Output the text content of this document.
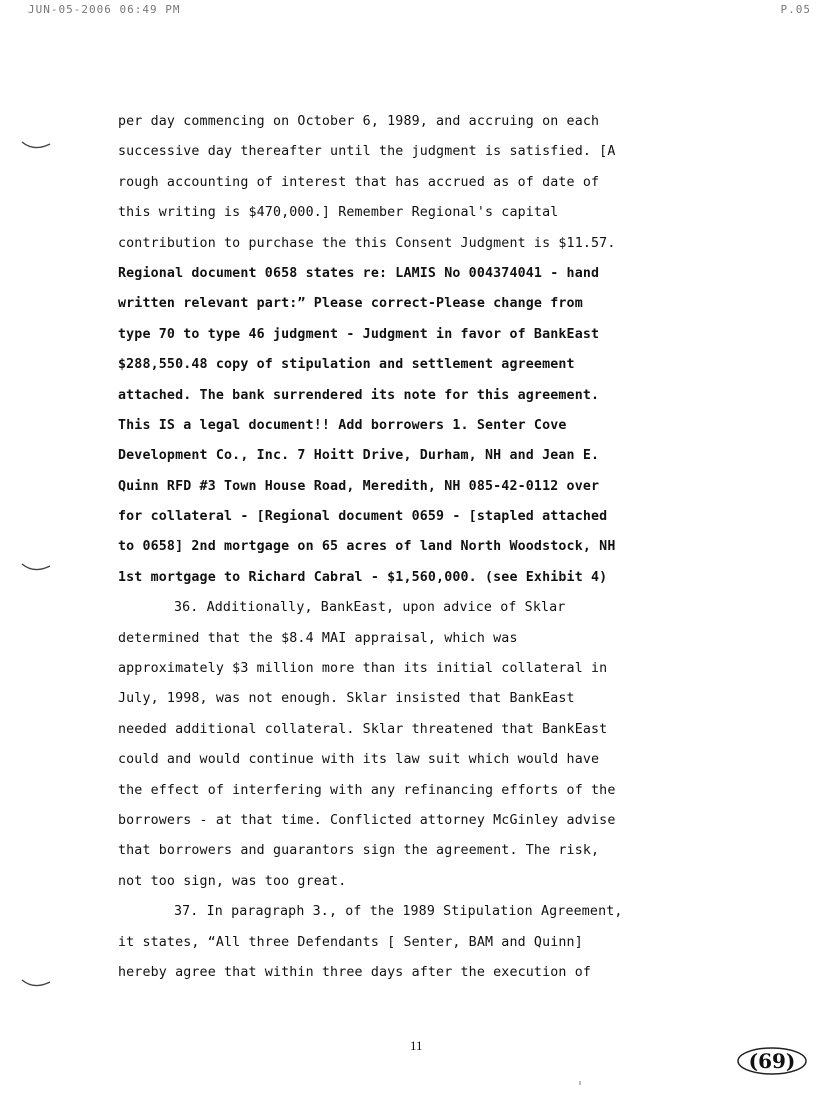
JUN-05-2006 06:49 PM	P.05
per day commencing on October 6, 1989, and accruing on each
successive day thereafter until the judgment is satisfied. [A
rough accounting of interest that has accrued as of date of
this writing is $470,000.] Remember Regional's capital
contribution to purchase the this Consent Judgment is $11.57.
Regional document 0658 states re: LAMIS No 004374041 - hand
written relevant part:” Please correct-Please change from
type 70 to type 46 judgment - Judgment in favor of BankEast
$288,550.48 copy of stipulation and settlement agreement
attached. The bank surrendered its note for this agreement.
This IS a legal document!! Add borrowers 1. Senter Cove
Development Co., Inc. 7 Hoitt Drive, Durham, NH and Jean E.
Quinn RFD #3 Town House Road, Meredith, NH 085-42-0112 over
for collateral - [Regional document 0659 - [stapled attached
to 0658] 2nd mortgage on 65 acres of land North Woodstock, NH
1st mortgage to Richard Cabral - $1,560,000. (see Exhibit 4)
36. Additionally, BankEast, upon advice of Sklar
determined that the $8.4 MAI appraisal, which was
approximately $3 million more than its initial collateral in
July, 1998, was not enough. Sklar insisted that BankEast
needed additional collateral. Sklar threatened that BankEast
could and would continue with its law suit which would have
the effect of interfering with any refinancing efforts of the
borrowers - at that time. Conflicted attorney McGinley advise
that borrowers and guarantors sign the agreement. The risk,
not too sign, was too great.
37. In paragraph 3., of the 1989 Stipulation Agreement,
it states, “All three Defendants [ Senter, BAM and Quinn]
hereby agree that within three days after the execution of
11
(69)
